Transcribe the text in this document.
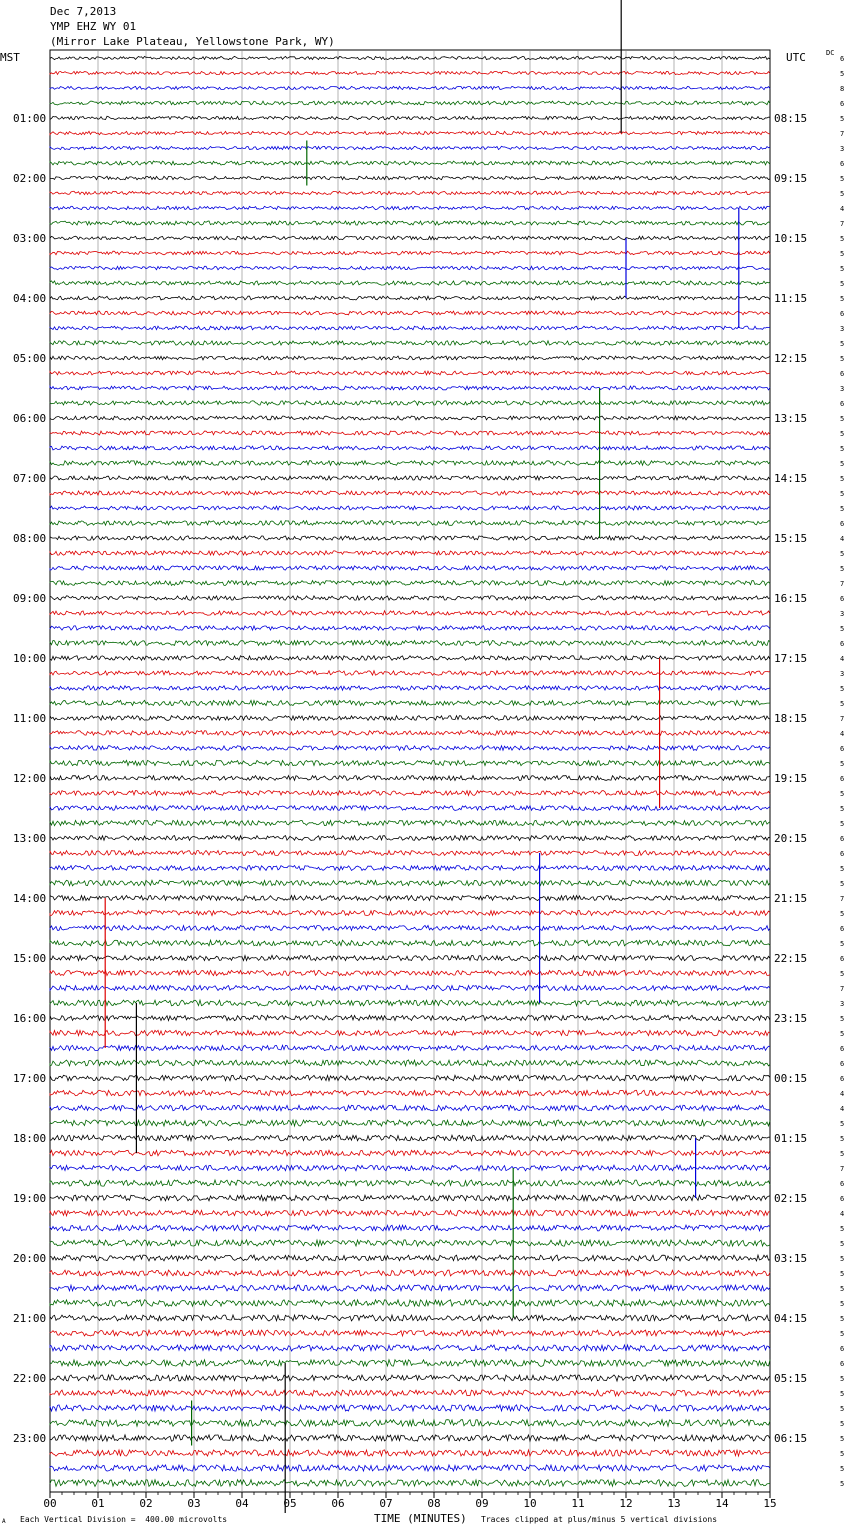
Dec 7,2013
YMP EHZ WY 01
(Mirror Lake Plateau, Yellowstone Park, WY)
MST	UTC	DC
6
5
8
6
5
7
3
6
5
5
4
7
5
5
5
5
5
6
3
5
5
6
3
6
5
5
5
5
5
5
5
6
4
5
5
7
6
3
5
6
4
3
5
5
7
4
6
5
6
5
5
5
6
6
5
5
7
5
6
5
6
5
7
3
5
5
6
6
6
4
4
5
5
5
7
6
6
4
5
5
5
5
5
5
5
5
6
6
5
5
5
5
5
5
5
5
01:00
02:00
03:00
04:00
05:00
06:00
07:00
08:00
09:00
10:00
11:00
12:00
13:00
14:00
15:00
16:00
17:00
18:00
19:00
20:00
21:00
22:00
23:00
08:15
09:15
10:15
11:15
12:15
13:15
14:15
15:15
16:15
17:15
18:15
19:15
20:15
21:15
22:15
23:15
00:15
01:15
02:15
03:15
04:15
05:15
06:15
00	01	02	03	04	05	06	07	08	09	10	11	12	13	14	15
A Each Vertical Division =  400.00 microvolts	TIME (MINUTES) Traces clipped at plus/minus 5 vertical divisions
